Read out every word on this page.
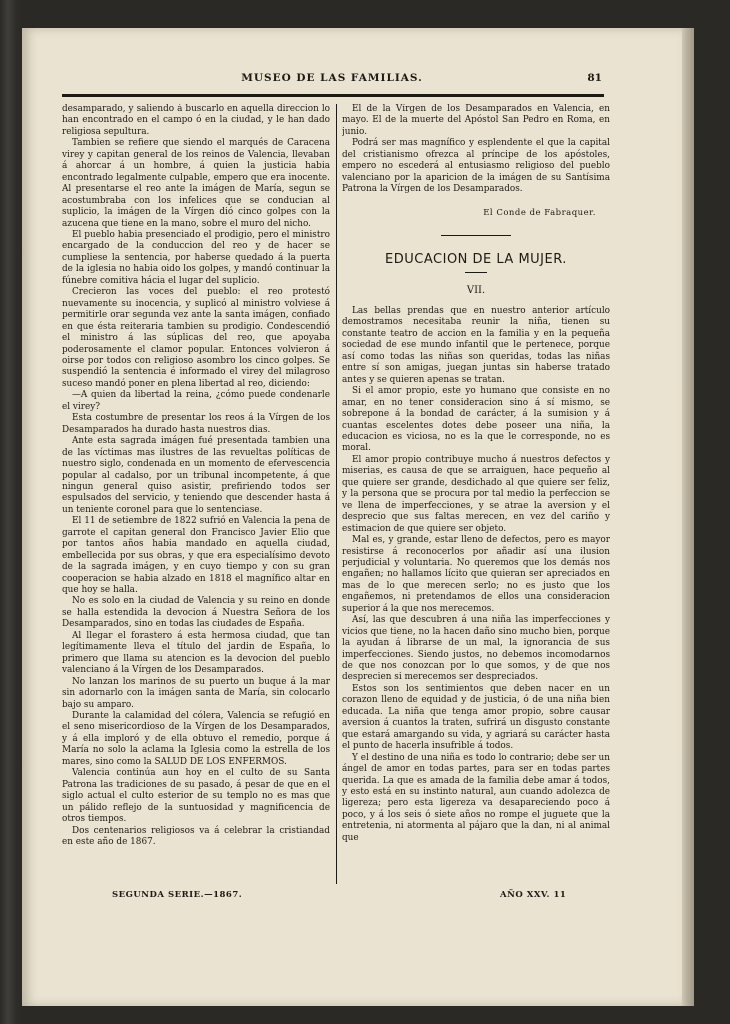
MUSEO DE LAS FAMILIAS.	81

desamparado, y saliendo á buscarlo en aquella direccion lo han encontrado en el campo ó en la ciudad, y le han dado religiosa sepultura.

Tambien se refiere que siendo el marqués de Caracena virey y capitan general de los reinos de Valencia, llevaban á ahorcar á un hombre, á quien la justicia habia encontrado legalmente culpable, empero que era inocente. Al presentarse el reo ante la imágen de María, segun se acostumbraba con los infelices que se conducian al suplicio, la imágen de la Vírgen dió cinco golpes con la azucena que tiene en la mano, sobre el muro del nicho.

El pueblo habia presenciado el prodigio, pero el ministro encargado de la conduccion del reo y de hacer se cumpliese la sentencia, por haberse quedado á la puerta de la iglesia no habia oido los golpes, y mandó continuar la fúnebre comitiva hácia el lugar del suplicio.

Crecieron las voces del pueblo: el reo protestó nuevamente su inocencia, y suplicó al ministro volviese á permitirle orar segunda vez ante la santa imágen, confiado en que ésta reiteraria tambien su prodigio. Condescendió el ministro á las súplicas del reo, que apoyaba poderosamente el clamor popular. Entonces volvieron á oirse por todos con religioso asombro los cinco golpes. Se suspendió la sentencia é informado el virey del milagroso suceso mandó poner en plena libertad al reo, diciendo:

—A quien da libertad la reina, ¿cómo puede condenarle el virey?

Esta costumbre de presentar los reos á la Vírgen de los Desamparados ha durado hasta nuestros dias.

Ante esta sagrada imágen fué presentada tambien una de las víctimas mas ilustres de las revueltas políticas de nuestro siglo, condenada en un momento de efervescencia popular al cadalso, por un tribunal incompetente, á que ningun general quiso asistir, prefiriendo todos ser espulsados del servicio, y teniendo que descender hasta á un teniente coronel para que lo sentenciase.

El 11 de setiembre de 1822 sufrió en Valencia la pena de garrote el capitan general don Francisco Javier Elio que por tantos años habia mandado en aquella ciudad, embellecida por sus obras, y que era especialísimo devoto de la sagrada imágen, y en cuyo tiempo y con su gran cooperacion se habia alzado en 1818 el magnífico altar en que hoy se halla.

No es solo en la ciudad de Valencia y su reino en donde se halla estendida la devocion á Nuestra Señora de los Desamparados, sino en todas las ciudades de España.

Al llegar el forastero á esta hermosa ciudad, que tan legítimamente lleva el título del jardin de España, lo primero que llama su atencion es la devocion del pueblo valenciano á la Vírgen de los Desamparados.

No lanzan los marinos de su puerto un buque á la mar sin adornarlo con la imágen santa de María, sin colocarlo bajo su amparo.

Durante la calamidad del cólera, Valencia se refugió en el seno misericordioso de la Vírgen de los Desamparados, y á ella imploró y de ella obtuvo el remedio, porque á María no solo la aclama la Iglesia como la estrella de los mares, sino como la SALUD DE LOS ENFERMOS.

Valencia continúa aun hoy en el culto de su Santa Patrona las tradiciones de su pasado, á pesar de que en el siglo actual el culto esterior de su templo no es mas que un pálido reflejo de la suntuosidad y magnificencia de otros tiempos.

Dos centenarios religiosos va á celebrar la cristiandad en este año de 1867.

El de la Vírgen de los Desamparados en Valencia, en mayo. El de la muerte del Apóstol San Pedro en Roma, en junio.

Podrá ser mas magnífico y esplendente el que la capital del cristianismo ofrezca al príncipe de los apóstoles, empero no escederá al entusiasmo religioso del pueblo valenciano por la aparicion de la imágen de su Santísima Patrona la Vírgen de los Desamparados.

El Conde de Fabraquer.
EDUCACION DE LA MUJER.
VII.

Las bellas prendas que en nuestro anterior artículo demostramos necesitaba reunir la niña, tienen su constante teatro de accion en la familia y en la pequeña sociedad de ese mundo infantil que le pertenece, porque así como todas las niñas son queridas, todas las niñas entre sí son amigas, juegan juntas sin haberse tratado antes y se quieren apenas se tratan.

Si el amor propio, este yo humano que consiste en no amar, en no tener consideracion sino á sí mismo, se sobrepone á la bondad de carácter, á la sumision y á cuantas escelentes dotes debe poseer una niña, la educacion es viciosa, no es la que le corresponde, no es moral.

El amor propio contribuye mucho á nuestros defectos y miserias, es causa de que se arraiguen, hace pequeño al que quiere ser grande, desdichado al que quiere ser feliz, y la persona que se procura por tal medio la perfeccion se ve llena de imperfecciones, y se atrae la aversion y el desprecio que sus faltas merecen, en vez del cariño y estimacion de que quiere ser objeto.

Mal es, y grande, estar lleno de defectos, pero es mayor resistirse á reconocerlos por añadir así una ilusion perjudicial y voluntaria. No queremos que los demás nos engañen; no hallamos lícito que quieran ser apreciados en mas de lo que merecen serlo; no es justo que los engañemos, ni pretendamos de ellos una consideracion superior á la que nos merecemos.

Así, las que descubren á una niña las imperfecciones y vicios que tiene, no la hacen daño sino mucho bien, porque la ayudan á librarse de un mal, la ignorancia de sus imperfecciones. Siendo justos, no debemos incomodarnos de que nos conozcan por lo que somos, y de que nos desprecien si merecemos ser despreciados.

Estos son los sentimientos que deben nacer en un corazon lleno de equidad y de justicia, ó de una niña bien educada. La niña que tenga amor propio, sobre causar aversion á cuantos la traten, sufrirá un disgusto constante que estará amargando su vida, y agriará su carácter hasta el punto de hacerla insufrible á todos.

Y el destino de una niña es todo lo contrario; debe ser un ángel de amor en todas partes, para ser en todas partes querida. La que es amada de la familia debe amar á todos, y esto está en su instinto natural, aun cuando adolezca de ligereza; pero esta ligereza va desapareciendo poco á poco, y á los seis ó siete años no rompe el juguete que la entretenia, ni atormenta al pájaro que la dan, ni al animal que

SEGUNDA SERIE.—1867.	AÑO XXV. 11
